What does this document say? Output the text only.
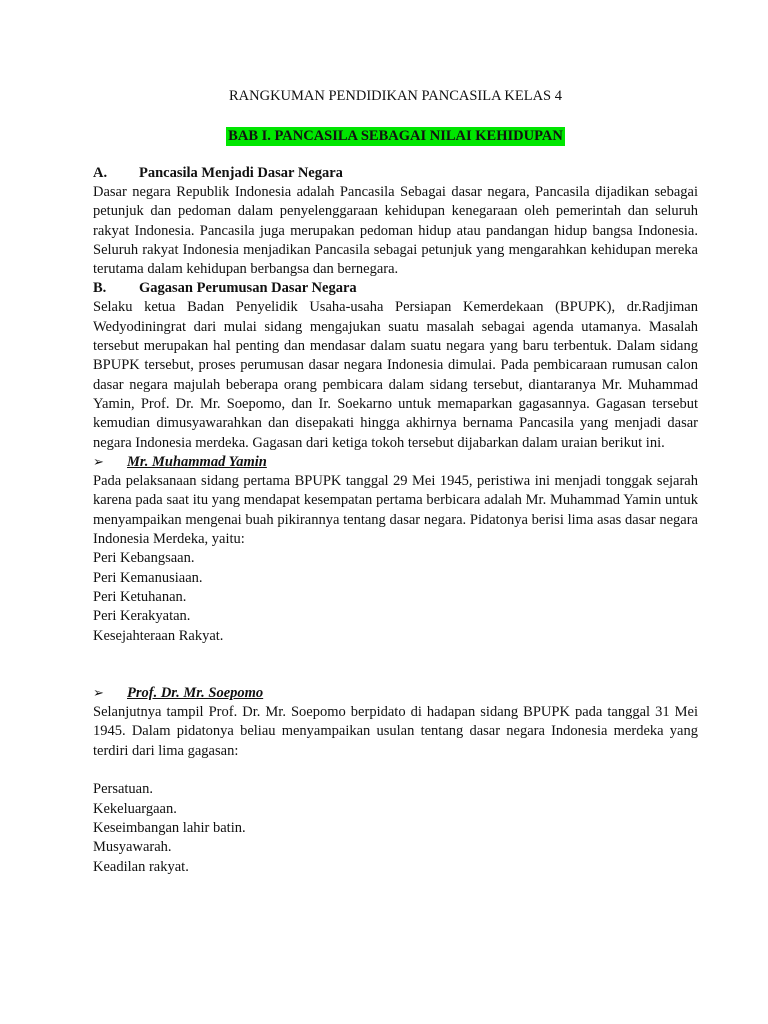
RANGKUMAN PENDIDIKAN PANCASILA KELAS 4
BAB I. PANCASILA SEBAGAI NILAI KEHIDUPAN
A. Pancasila Menjadi Dasar Negara

Dasar negara Republik Indonesia adalah Pancasila Sebagai dasar negara, Pancasila dijadikan sebagai petunjuk dan pedoman dalam penyelenggaraan kehidupan kenegaraan oleh pemerintah dan seluruh rakyat Indonesia. Pancasila juga merupakan pedoman hidup atau pandangan hidup bangsa Indonesia. Seluruh rakyat Indonesia menjadikan Pancasila sebagai petunjuk yang mengarahkan kehidupan mereka terutama dalam kehidupan berbangsa dan bernegara.

B. Gagasan Perumusan Dasar Negara

Selaku ketua Badan Penyelidik Usaha-usaha Persiapan Kemerdekaan (BPUPK), dr.Radjiman Wedyodiningrat dari mulai sidang mengajukan suatu masalah sebagai agenda utamanya. Masalah tersebut merupakan hal penting dan mendasar dalam suatu negara yang baru terbentuk. Dalam sidang BPUPK tersebut, proses perumusan dasar negara Indonesia dimulai. Pada pembicaraan rumusan calon dasar negara majulah beberapa orang pembicara dalam sidang tersebut, diantaranya Mr. Muhammad Yamin, Prof. Dr. Mr. Soepomo, dan Ir. Soekarno untuk memaparkan gagasannya. Gagasan tersebut kemudian dimusyawarahkan dan disepakati hingga akhirnya bernama Pancasila yang menjadi dasar negara Indonesia merdeka. Gagasan dari ketiga tokoh tersebut dijabarkan dalam uraian berikut ini.

➢ Mr. Muhammad Yamin

Pada pelaksanaan sidang pertama BPUPK tanggal 29 Mei 1945, peristiwa ini menjadi tonggak sejarah karena pada saat itu yang mendapat kesempatan pertama berbicara adalah Mr. Muhammad Yamin untuk menyampaikan mengenai buah pikirannya tentang dasar negara. Pidatonya berisi lima asas dasar negara Indonesia Merdeka, yaitu:

Peri Kebangsaan.
Peri Kemanusiaan.
Peri Ketuhanan.
Peri Kerakyatan.
Kesejahteraan Rakyat.
➢ Prof. Dr. Mr. Soepomo

Selanjutnya tampil Prof. Dr. Mr. Soepomo berpidato di hadapan sidang BPUPK pada tanggal 31 Mei 1945. Dalam pidatonya beliau menyampaikan usulan tentang dasar negara Indonesia merdeka yang terdiri dari lima gagasan:

Persatuan.
Kekeluargaan.
Keseimbangan lahir batin.
Musyawarah.
Keadilan rakyat.
